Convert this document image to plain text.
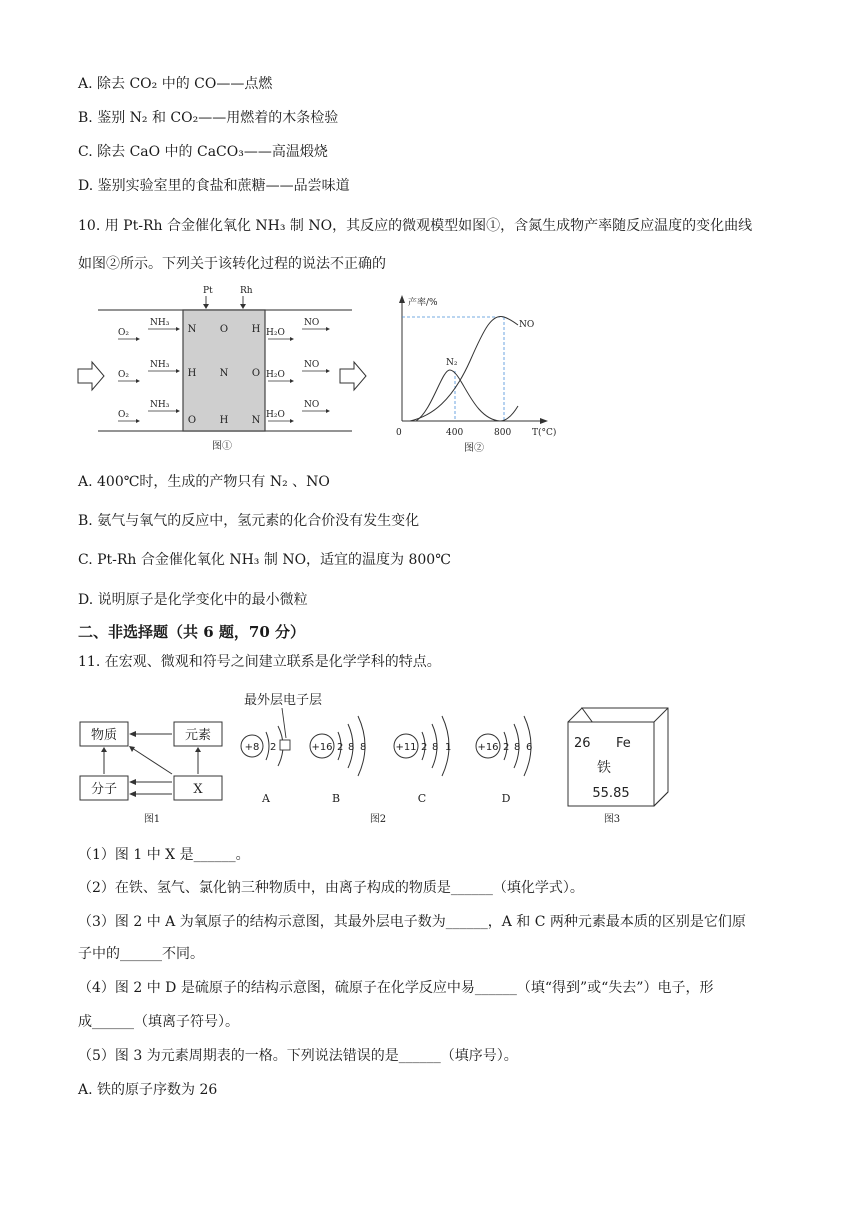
A. 除去 CO₂ 中的 CO——点燃
B. 鉴别 N₂ 和 CO₂——用燃着的木条检验
C. 除去 CaO 中的 CaCO₃——高温煅烧
D. 鉴别实验室里的食盐和蔗糖——品尝味道
10. 用 Pt-Rh 合金催化氧化 NH₃ 制 NO，其反应的微观模型如图①，含氮生成物产率随反应温度的变化曲线
如图②所示。下列关于该转化过程的说法不正确的
Pt	Rh
O₂
NH₃
H₂O
NO
O₂
NH₃
H₂O
NO
O₂
NH₃
H₂O
NO
N O H
H N O
O H N
图①
产率/%
T(°C)
0	400	800
N₂
NO
图②
A. 400℃时，生成的产物只有 N₂ 、NO
B. 氨气与氧气的反应中，氢元素的化合价没有发生变化
C. Pt-Rh 合金催化氧化 NH₃ 制 NO，适宜的温度为 800℃
D. 说明原子是化学变化中的最小微粒
二、非选择题（共 6 题，70 分）
11. 在宏观、微观和符号之间建立联系是化学学科的特点。
物质	元素
分子	X
图1
最外层电子层
+8 2
A
+16 2 8 8
B
+11 2 8 1
C
+16 2 8 6
D
图2
26 Fe
铁
55.85
图3
（1）图 1 中 X 是______。
（2）在铁、氢气、氯化钠三种物质中，由离子构成的物质是______（填化学式）。
（3）图 2 中 A 为氧原子的结构示意图，其最外层电子数为______，A 和 C 两种元素最本质的区别是它们原
子中的______不同。
（4）图 2 中 D 是硫原子的结构示意图，硫原子在化学反应中易______（填“得到”或“失去”）电子，形
成______（填离子符号）。
（5）图 3 为元素周期表的一格。下列说法错误的是______（填序号）。
A. 铁的原子序数为 26
